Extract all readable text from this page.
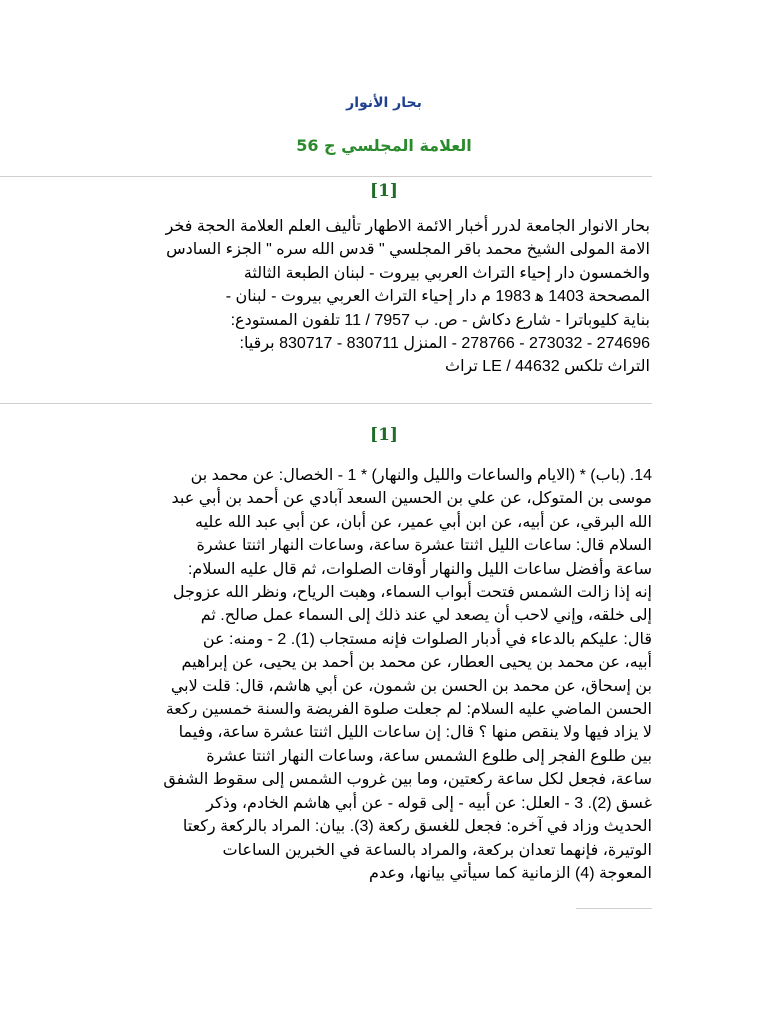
بحار الأنوار
العلامة المجلسي ج 56
[1]
بحار الانوار الجامعة لدرر أخبار الائمة الاطهار تأليف العلم العلامة الحجة فخر
الامة المولى الشيخ محمد باقر المجلسي " قدس الله سره " الجزء السادس
والخمسون دار إحياء التراث العربي بيروت - لبنان الطبعة الثالثة
المصححة 1403 ه‍ 1983 م دار إحياء التراث العربي بيروت - لبنان -
بناية كليوباترا - شارع دكاش - ص. ب 7957 / 11 تلفون المستودع:
274696 - 273032 - 278766 - المنزل 830711 - 830717 برقيا:
التراث تلكس LE / 44632 تراث
[1]
14. (باب) * (الايام والساعات والليل والنهار) * 1 - الخصال: عن محمد بن
موسى بن المتوكل، عن علي بن الحسين السعد آبادي عن أحمد بن أبي عبد
الله البرقي، عن أبيه، عن ابن أبي عمير، عن أبان، عن أبي عبد الله عليه
السلام قال: ساعات الليل اثنتا عشرة ساعة، وساعات النهار اثنتا عشرة
ساعة وأفضل ساعات الليل والنهار أوقات الصلوات، ثم قال عليه السلام:
إنه إذا زالت الشمس فتحت أبواب السماء، وهبت الرياح، ونظر الله عزوجل
إلى خلقه، وإني لاحب أن يصعد لي عند ذلك إلى السماء عمل صالح. ثم
قال: عليكم بالدعاء في أدبار الصلوات فإنه مستجاب (1). 2 - ومنه: عن
أبيه، عن محمد بن يحيى العطار، عن محمد بن أحمد بن يحيى، عن إبراهيم
بن إسحاق، عن محمد بن الحسن بن شمون، عن أبي هاشم، قال: قلت لابي
الحسن الماضي عليه السلام: لم جعلت صلوة الفريضة والسنة خمسين ركعة
لا يزاد فيها ولا ينقص منها ؟ قال: إن ساعات الليل اثنتا عشرة ساعة، وفيما
بين طلوع الفجر إلى طلوع الشمس ساعة، وساعات النهار اثنتا عشرة
ساعة، فجعل لكل ساعة ركعتين، وما بين غروب الشمس إلى سقوط الشفق
غسق (2). 3 - العلل: عن أبيه - إلى قوله - عن أبي هاشم الخادم، وذكر
الحديث وزاد في آخره: فجعل للغسق ركعة (3). بيان: المراد بالركعة ركعتا
الوتيرة، فإنهما تعدان بركعة، والمراد بالساعة في الخبرين الساعات
المعوجة (4) الزمانية كما سيأتي بيانها، وعدم
